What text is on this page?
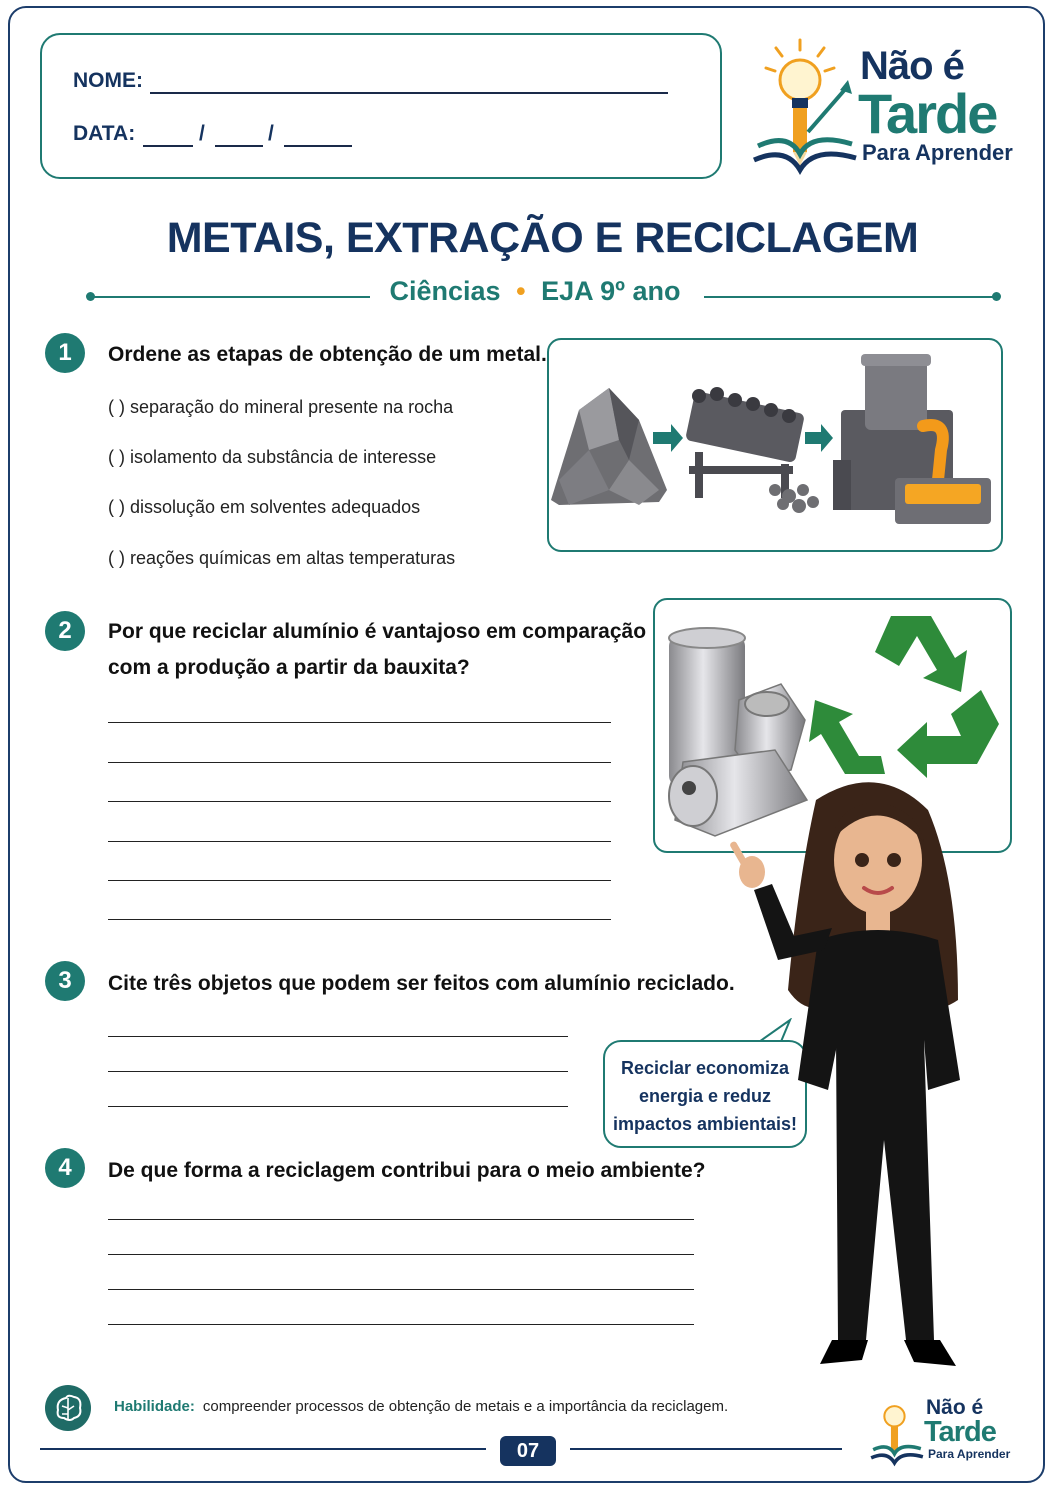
NOME:
DATA:	/	/
Não é
Tarde
Para Aprender
METAIS, EXTRAÇÃO E RECICLAGEM
Ciências • EJA 9º ano
1	Ordene as etapas de obtenção de um metal.
( ) separação do mineral presente na rocha
( ) isolamento da substância de interesse
( ) dissolução em solventes adequados
( ) reações químicas em altas temperaturas
2	Por que reciclar alumínio é vantajoso em comparação
com a produção a partir da bauxita?
3	Cite três objetos que podem ser feitos com alumínio reciclado.
Reciclar economiza
energia e reduz
impactos ambientais!
4	De que forma a reciclagem contribui para o meio ambiente?
Habilidade: compreender processos de obtenção de metais e a importância da reciclagem.
07
Não é
Tarde
Para Aprender
